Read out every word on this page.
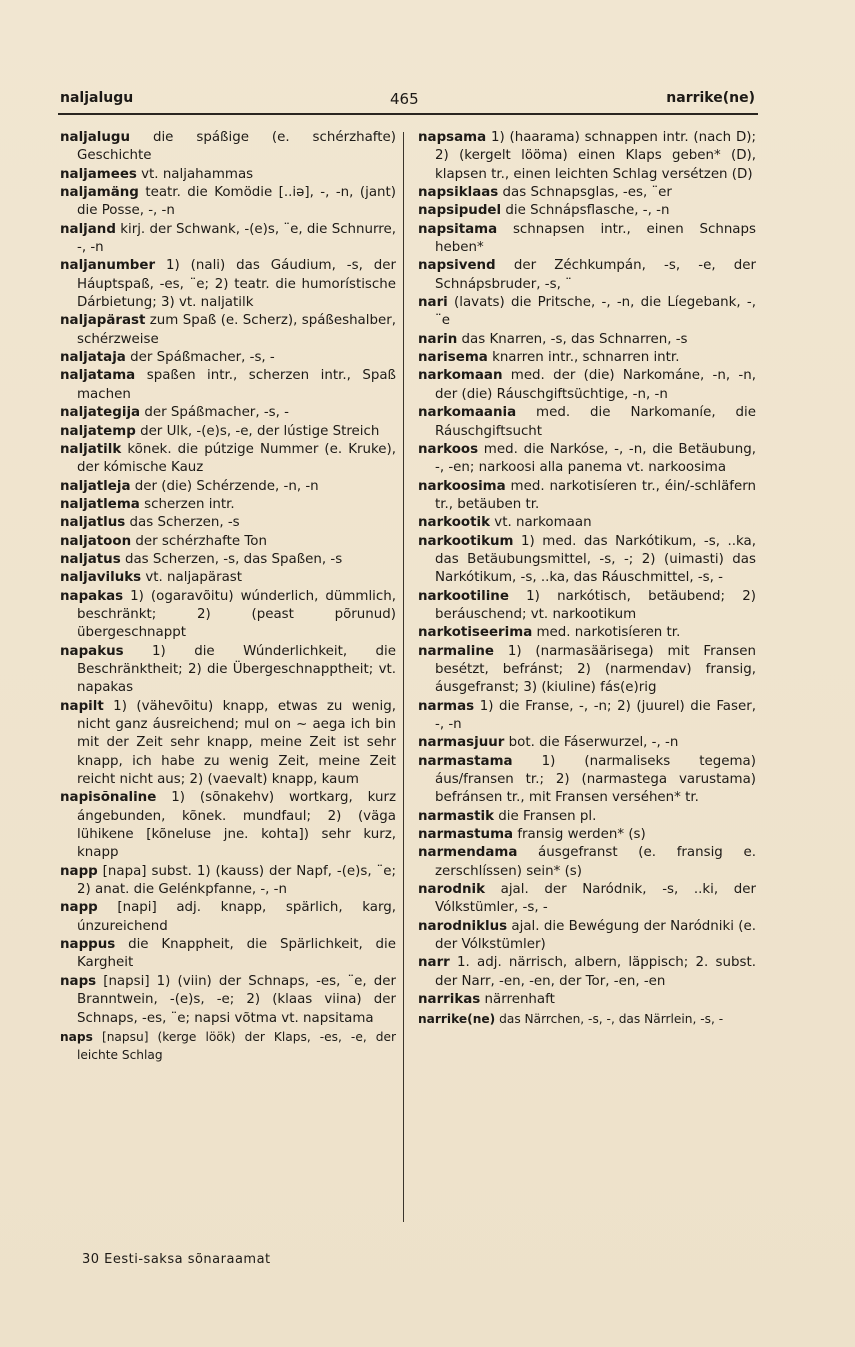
naljalugu	465	narrike(ne)
naljalugu die spáßige (e. schérzhafte) Geschichte
naljamees vt. naljahammas
naljamäng teatr. die Komödie [..iə], -, -n, (jant) die Posse, -, -n
naljand kirj. der Schwank, -(e)s, ¨e, die Schnurre, -, -n
naljanumber 1) (nali) das Gáudium, -s, der Háuptspaß, -es, ¨e; 2) teatr. die humorístische Dárbietung; 3) vt. naljatilk
naljapärast zum Spaß (e. Scherz), spáßeshalber, schérzweise
naljataja der Spáßmacher, -s, -
naljatama spaßen intr., scherzen intr., Spaß machen
naljategija der Spáßmacher, -s, -
naljatemp der Ulk, -(e)s, -e, der lústige Streich
naljatilk kõnek. die pútzige Nummer (e. Kruke), der kómische Kauz
naljatleja der (die) Schérzende, -n, -n
naljatlema scherzen intr.
naljatlus das Scherzen, -s
naljatoon der schérzhafte Ton
naljatus das Scherzen, -s, das Spaßen, -s
naljaviluks vt. naljapärast
napakas 1) (ogaravõitu) wúnderlich, dümmlich, beschränkt; 2) (peast põrunud) übergeschnappt
napakus 1) die Wúnderlichkeit, die Beschränktheit; 2) die Übergeschnapptheit; vt. napakas
napilt 1) (vähevõitu) knapp, etwas zu wenig, nicht ganz áusreichend; mul on ~ aega ich bin mit der Zeit sehr knapp, meine Zeit ist sehr knapp, ich habe zu wenig Zeit, meine Zeit reicht nicht aus; 2) (vaevalt) knapp, kaum
napisõnaline 1) (sõnakehv) wortkarg, kurz ángebunden, kõnek. mundfaul; 2) (väga lühikene [kõneluse jne. kohta]) sehr kurz, knapp
napp [napa] subst. 1) (kauss) der Napf, -(e)s, ¨e; 2) anat. die Gelénkpfanne, -, -n
napp [napi] adj. knapp, spärlich, karg, únzureichend
nappus die Knappheit, die Spärlichkeit, die Kargheit
naps [napsi] 1) (viin) der Schnaps, -es, ¨e, der Branntwein, -(e)s, -e; 2) (klaas viina) der Schnaps, -es, ¨e; napsi võtma vt. napsitama
naps [napsu] (kerge löök) der Klaps, -es, -e, der leichte Schlag
napsama 1) (haarama) schnappen intr. (nach D); 2) (kergelt lööma) einen Klaps geben* (D), klapsen tr., einen leichten Schlag versétzen (D)
napsiklaas das Schnapsglas, -es, ¨er
napsipudel die Schnápsflasche, -, -n
napsitama schnapsen intr., einen Schnaps heben*
napsivend der Zéchkumpán, -s, -e, der Schnápsbruder, -s, ¨
nari (lavats) die Pritsche, -, -n, die Líegebank, -, ¨e
narin das Knarren, -s, das Schnarren, -s
narisema knarren intr., schnarren intr.
narkomaan med. der (die) Narkománe, -n, -n, der (die) Ráuschgiftsüchtige, -n, -n
narkomaania med. die Narkomaníe, die Ráuschgiftsucht
narkoos med. die Narkóse, -, -n, die Betäubung, -, -en; narkoosi alla panema vt. narkoosima
narkoosima med. narkotisíeren tr., éin/-schläfern tr., betäuben tr.
narkootik vt. narkomaan
narkootikum 1) med. das Narkótikum, -s, ..ka, das Betäubungsmittel, -s, -; 2) (uimasti) das Narkótikum, -s, ..ka, das Ráuschmittel, -s, -
narkootiline 1) narkótisch, betäubend; 2) beráuschend; vt. narkootikum
narkotiseerima med. narkotisíeren tr.
narmaline 1) (narmasäärisega) mit Fransen besétzt, befránst; 2) (narmendav) fransig, áusgefranst; 3) (kiuline) fás(e)rig
narmas 1) die Franse, -, -n; 2) (juurel) die Faser, -, -n
narmasjuur bot. die Fáserwurzel, -, -n
narmastama 1) (narmaliseks tegema) áus/fransen tr.; 2) (narmastega varustama) befránsen tr., mit Fransen verséhen* tr.
narmastik die Fransen pl.
narmastuma fransig werden* (s)
narmendama áusgefranst (e. fransig e. zerschlíssen) sein* (s)
narodnik ajal. der Naródnik, -s, ..ki, der Vólkstümler, -s, -
narodniklus ajal. die Bewégung der Naródniki (e. der Vólkstümler)
narr 1. adj. närrisch, albern, läppisch; 2. subst. der Narr, -en, -en, der Tor, -en, -en
narrikas närrenhaft
narrike(ne) das Närrchen, -s, -, das Närrlein, -s, -
30 Eesti-saksa sõnaraamat
